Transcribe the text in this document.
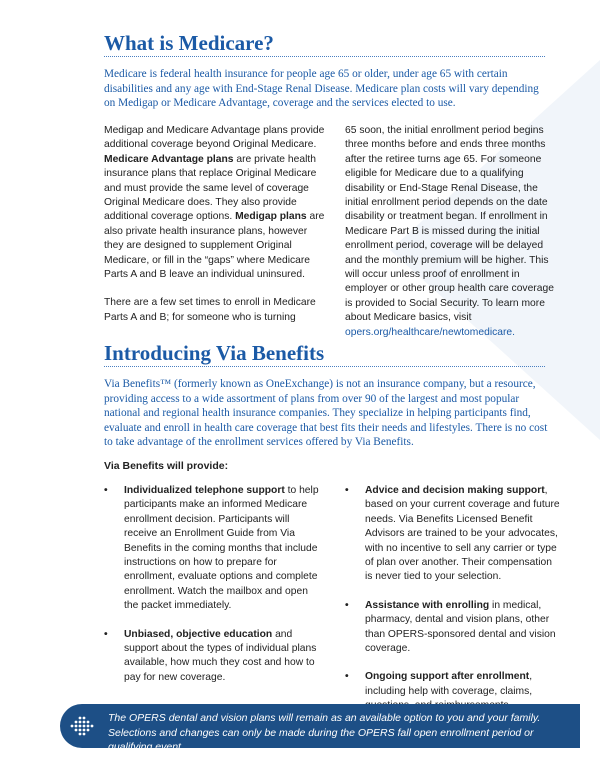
What is Medicare?

Medicare is federal health insurance for people age 65 or older, under age 65 with certain disabilities and any age with End-Stage Renal Disease. Medicare plan costs will vary depending on Medigap or Medicare Advantage, coverage and the services elected to use.

Medigap and Medicare Advantage plans provide additional coverage beyond Original Medicare. Medicare Advantage plans are private health insurance plans that replace Original Medicare and must provide the same level of coverage Original Medicare does. They also provide additional coverage options. Medigap plans are also private health insurance plans, however they are designed to supplement Original Medicare, or fill in the “gaps” where Medicare Parts A and B leave an individual uninsured.

There are a few set times to enroll in Medicare Parts A and B; for someone who is turning

65 soon, the initial enrollment period begins three months before and ends three months after the retiree turns age 65. For someone eligible for Medicare due to a qualifying disability or End-Stage Renal Disease, the initial enrollment period depends on the date disability or treatment began. If enrollment in Medicare Part B is missed during the initial enrollment period, coverage will be delayed and the monthly premium will be higher. This will occur unless proof of enrollment in employer or other group health care coverage is provided to Social Security. To learn more about Medicare basics, visit opers.org/healthcare/newtomedicare.

Introducing Via Benefits

Via Benefits™ (formerly known as OneExchange) is not an insurance company, but a resource, providing access to a wide assortment of plans from over 90 of the largest and most popular national and regional health insurance companies. They specialize in helping participants find, evaluate and enroll in health care coverage that best fits their needs and lifestyles. There is no cost to take advantage of the enrollment services offered by Via Benefits.

Via Benefits will provide:

• Individualized telephone support to help participants make an informed Medicare enrollment decision. Participants will receive an Enrollment Guide from Via Benefits in the coming months that include instructions on how to prepare for enrollment, evaluate options and complete enrollment. Watch the mailbox and open the packet immediately.
• Unbiased, objective education and support about the types of individual plans available, how much they cost and how to pay for new coverage.
• Advice and decision making support, based on your current coverage and future needs. Via Benefits Licensed Benefit Advisors are trained to be your advocates, with no incentive to sell any carrier or type of plan over another. Their compensation is never tied to your selection.
• Assistance with enrolling in medical, pharmacy, dental and vision plans, other than OPERS-sponsored dental and vision coverage.
• Ongoing support after enrollment, including help with coverage, claims,

The OPERS dental and vision plans will remain as an available option to you and your family. Selections and changes can only be made during the OPERS fall open enrollment period or qualifying event.
